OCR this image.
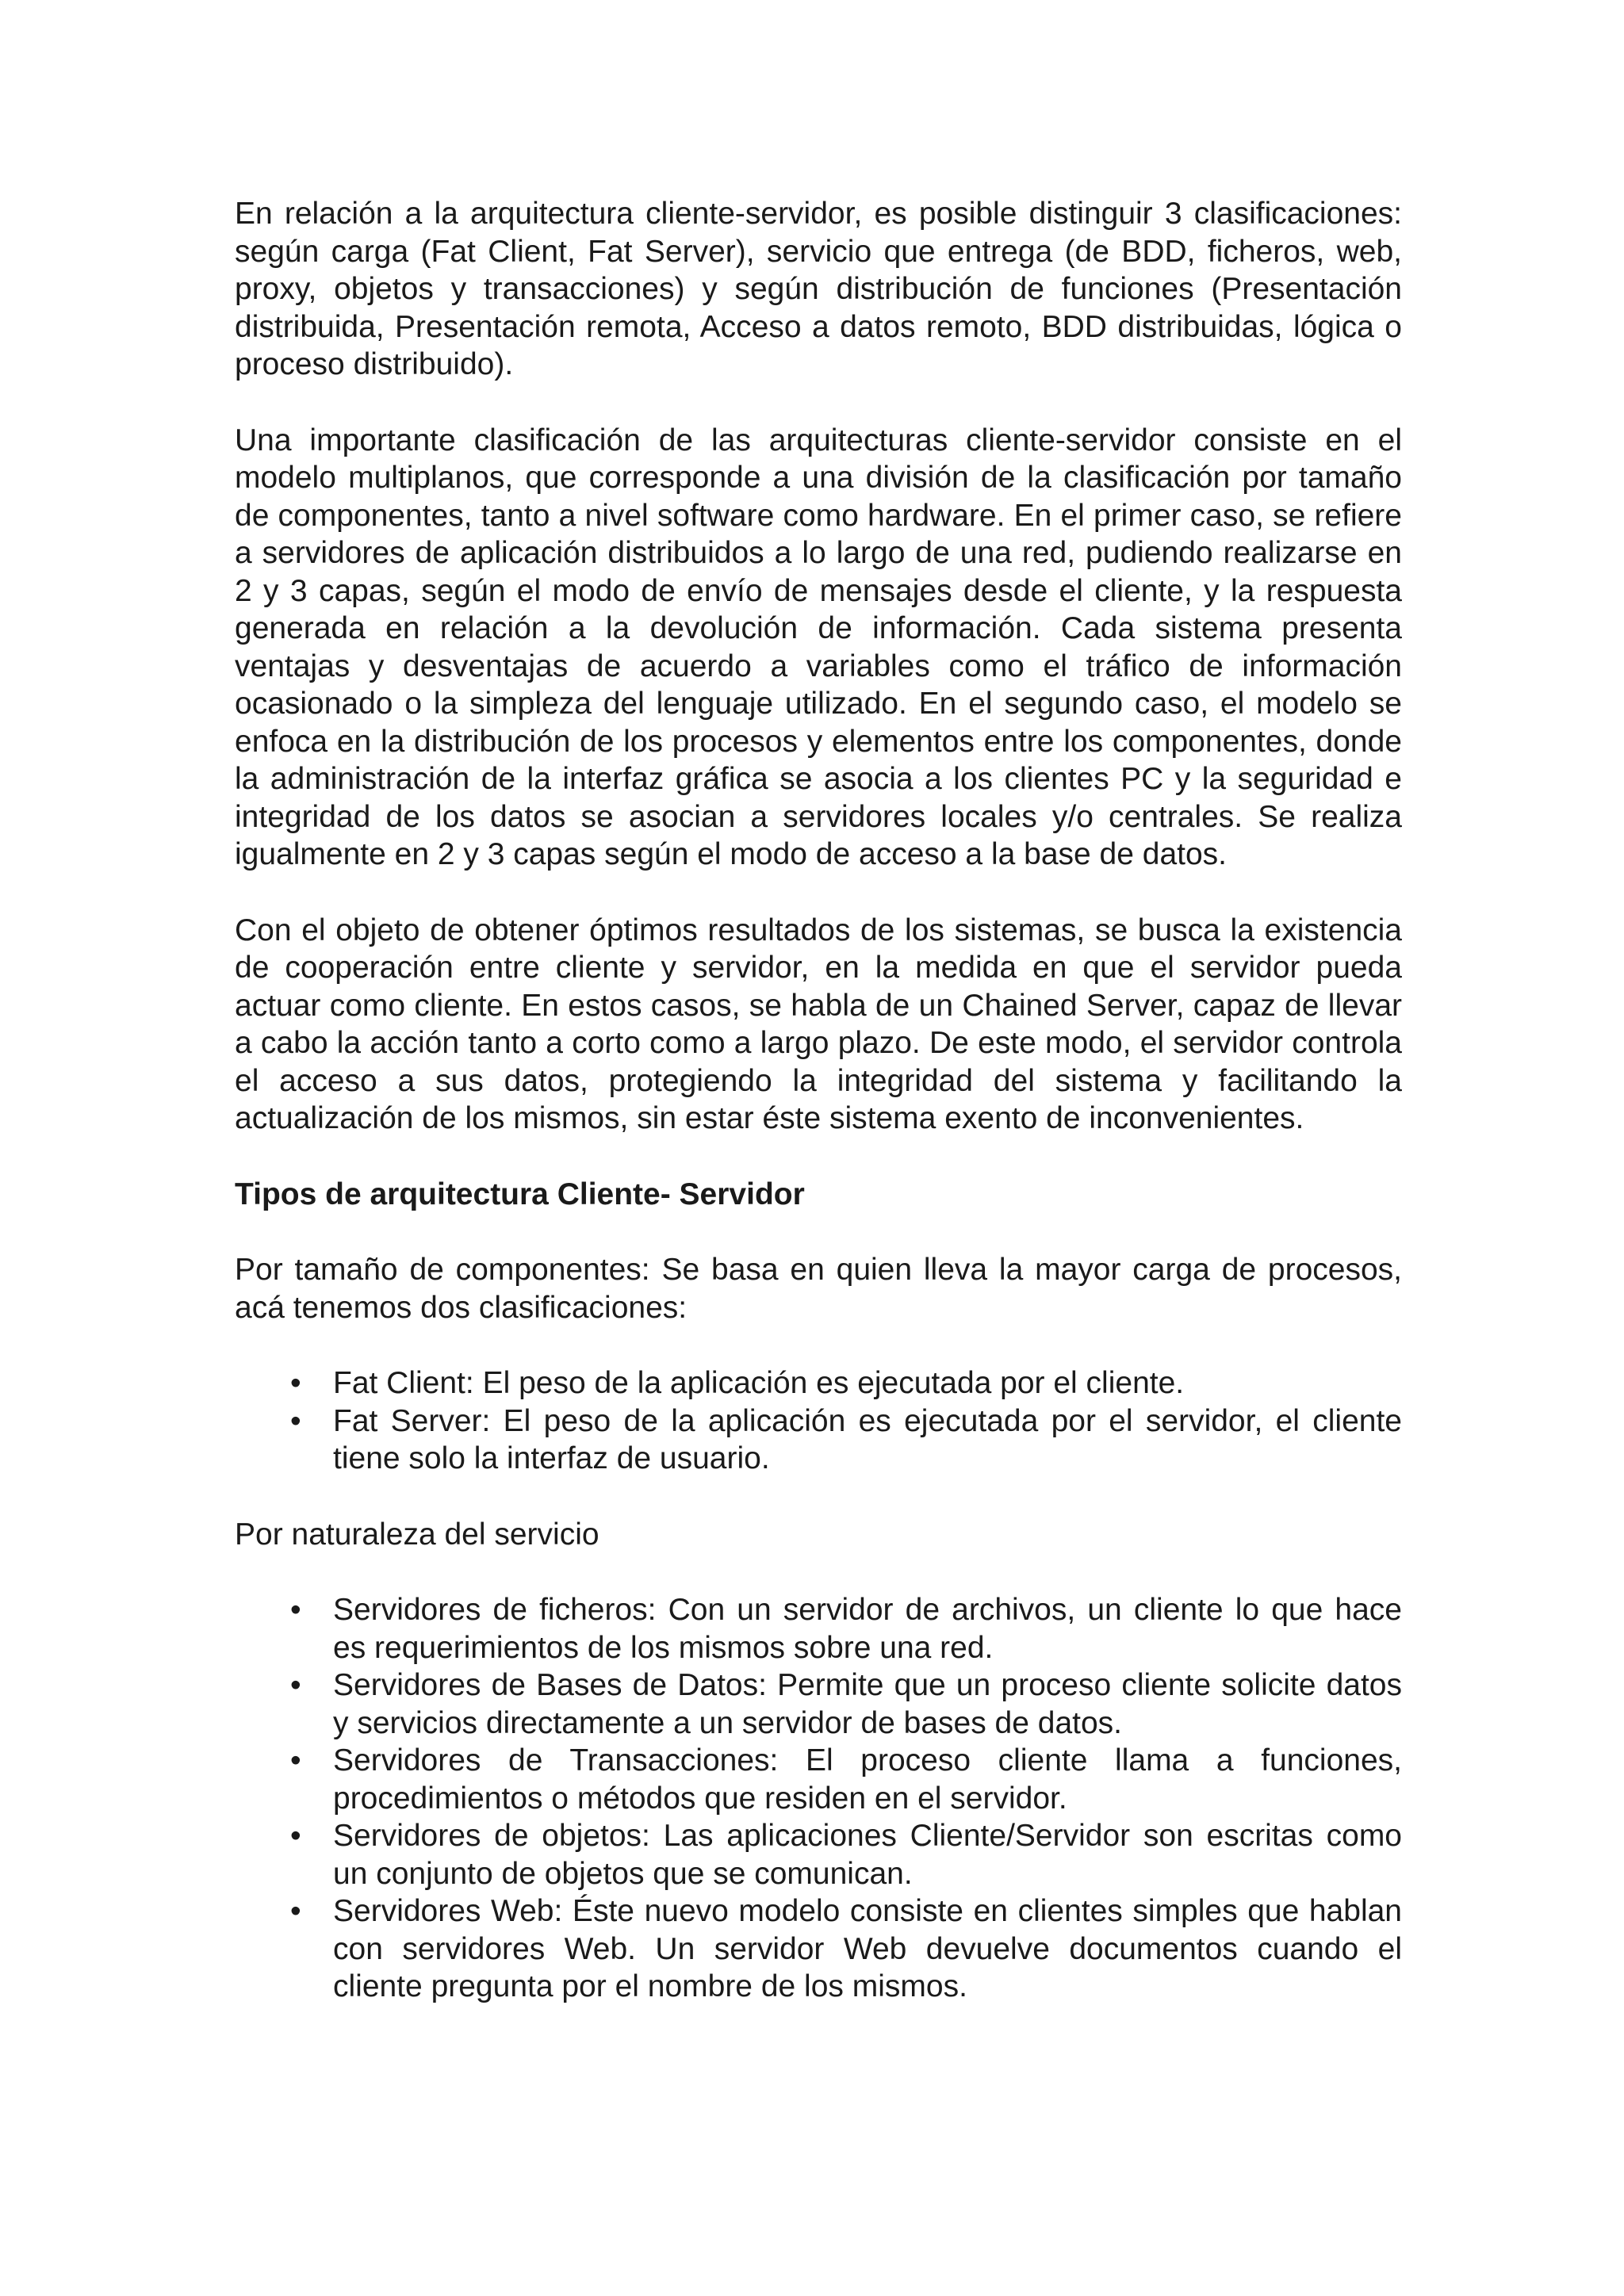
En relación a la arquitectura cliente-servidor, es posible distinguir 3 clasificaciones: según carga (Fat Client, Fat Server), servicio que entrega (de BDD, ficheros, web, proxy, objetos y transacciones) y según distribución de funciones (Presentación distribuida, Presentación remota, Acceso a datos remoto, BDD distribuidas, lógica o proceso distribuido).

Una importante clasificación de las arquitecturas cliente-servidor consiste en el modelo multiplanos, que corresponde a una división de la clasificación por tamaño de componentes, tanto a nivel software como hardware. En el primer caso, se refiere a servidores de aplicación distribuidos a lo largo de una red, pudiendo realizarse en 2 y 3 capas, según el modo de envío de mensajes desde el cliente, y la respuesta generada en relación a la devolución de información. Cada sistema presenta ventajas y desventajas de acuerdo a variables como el tráfico de información ocasionado o la simpleza del lenguaje utilizado. En el segundo caso, el modelo se enfoca en la distribución de los procesos y elementos entre los componentes, donde la administración de la interfaz gráfica se asocia a los clientes PC y la seguridad e integridad de los datos se asocian a servidores locales y/o centrales. Se realiza igualmente en 2 y 3 capas según el modo de acceso a la base de datos.

Con el objeto de obtener óptimos resultados de los sistemas, se busca la existencia de cooperación entre cliente y servidor, en la medida en que el servidor pueda actuar como cliente. En estos casos, se habla de un Chained Server, capaz de llevar a cabo la acción tanto a corto como a largo plazo. De este modo, el servidor controla el acceso a sus datos, protegiendo la integridad del sistema y facilitando la actualización de los mismos, sin estar éste sistema exento de inconvenientes.

Tipos de arquitectura Cliente- Servidor

Por tamaño de componentes: Se basa en quien lleva la mayor carga de procesos, acá tenemos dos clasificaciones:

• Fat Client: El peso de la aplicación es ejecutada por el cliente.
• Fat Server: El peso de la aplicación es ejecutada por el servidor, el cliente tiene solo la interfaz de usuario.

Por naturaleza del servicio

• Servidores de ficheros: Con un servidor de archivos, un cliente lo que hace es requerimientos de los mismos sobre una red.
• Servidores de Bases de Datos: Permite que un proceso cliente solicite datos y servicios directamente a un servidor de bases de datos.
• Servidores de Transacciones: El proceso cliente llama a funciones, procedimientos o métodos que residen en el servidor.
• Servidores de objetos: Las aplicaciones Cliente/Servidor son escritas como un conjunto de objetos que se comunican.
• Servidores Web: Éste nuevo modelo consiste en clientes simples que hablan con servidores Web. Un servidor Web devuelve documentos cuando el cliente pregunta por el nombre de los mismos.
